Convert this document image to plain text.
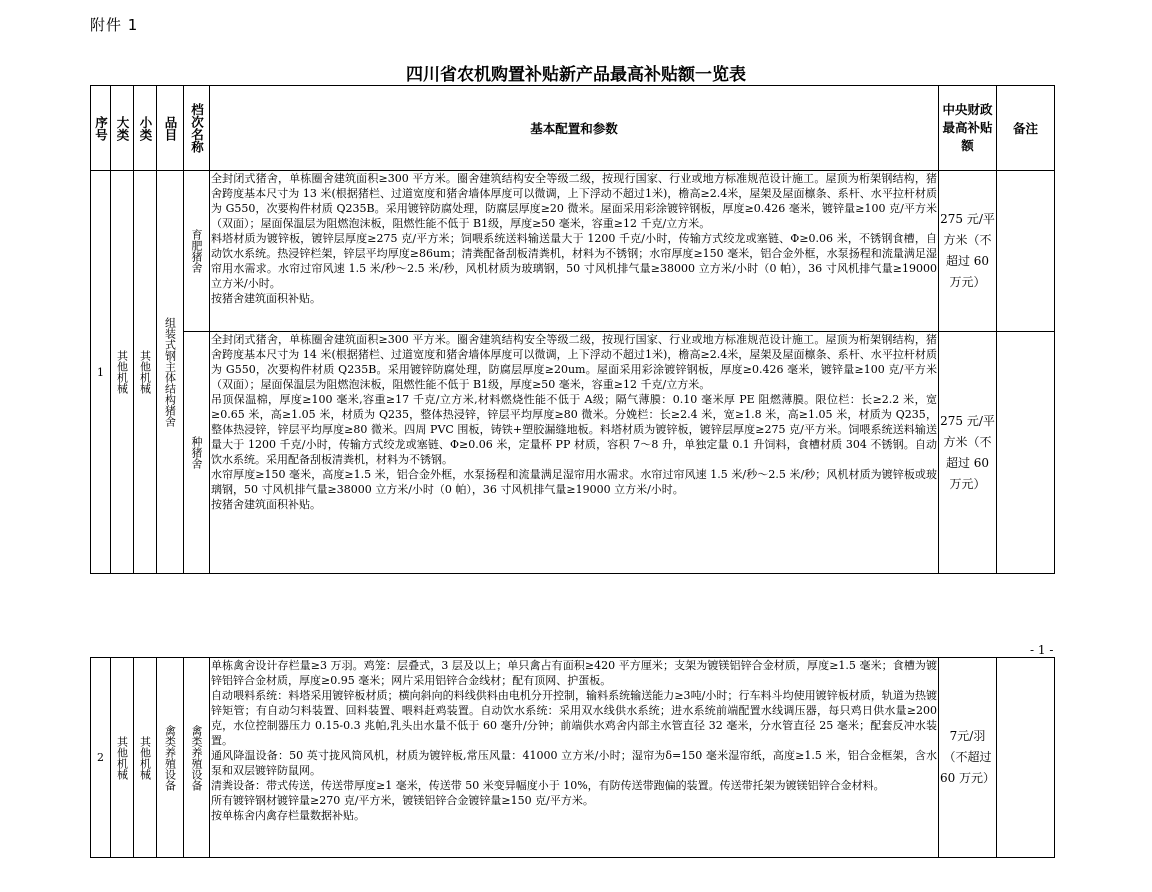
附件 1
四川省农机购置补贴新产品最高补贴额一览表
序号	大类	小类	品目	档次名称	基本配置和参数	中央财政最高补贴额	备注
1	其他机械	其他机械	组装式钢主体结构猪舍	育肥猪舍	全封闭式猪舍，单栋圈舍建筑面积≥300 平方米。圈舍建筑结构安全等级二级，按现行国家、行业或地方标准规范设计施工。屋顶为桁架钢结构，猪舍跨度基本尺寸为 13 米(根据猪栏、过道宽度和猪舍墙体厚度可以微调，上下浮动不超过1米)，檐高≥2.4米，屋架及屋面檩条、系杆、水平拉杆材质为 G550，次要构件材质 Q235B。采用镀锌防腐处理，防腐层厚度≥20 微米。屋面采用彩涂镀锌钢板，厚度≥0.426 毫米，镀锌量≥100 克/平方米（双面）；屋面保温层为阻燃泡沫板，阻燃性能不低于 B1级，厚度≥50 毫米，容重≥12 千克/立方米。
料塔材质为镀锌板，镀锌层厚度≥275 克/平方米；饲喂系统送料输送量大于 1200 千克/小时，传输方式绞龙或塞链、Φ≥0.06 米，不锈钢食槽，自动饮水系统。热浸锌栏架，锌层平均厚度≥86um；清粪配备刮板清粪机，材料为不锈钢；水帘厚度≥150 毫米，铝合金外框，水泵扬程和流量满足湿帘用水需求。水帘过帘风速 1.5 米/秒～2.5 米/秒，风机材质为玻璃钢，50 寸风机排气量≥38000 立方米/小时（0 帕），36 寸风机排气量≥19000 立方米/小时。
按猪舍建筑面积补贴。	275 元/平方米（不超过 60 万元）	

				种猪舍	全封闭式猪舍，单栋圈舍建筑面积≥300 平方米。圈舍建筑结构安全等级二级，按现行国家、行业或地方标准规范设计施工。屋顶为桁架钢结构，猪舍跨度基本尺寸为 14 米(根据猪栏、过道宽度和猪舍墙体厚度可以微调，上下浮动不超过1米)，檐高≥2.4米，屋架及屋面檩条、系杆、水平拉杆材质为 G550，次要构件材质 Q235B。采用镀锌防腐处理，防腐层厚度≥20um。屋面采用彩涂镀锌钢板，厚度≥0.426 毫米，镀锌量≥100 克/平方米（双面）；屋面保温层为阻燃泡沫板，阻燃性能不低于 B1级，厚度≥50 毫米，容重≥12 千克/立方米。
吊顶保温棉，厚度≥100 毫米,容重≥17 千克/立方米,材料燃烧性能不低于 A级；隔气薄膜：0.10 毫米厚 PE 阻燃薄膜。限位栏：长≥2.2 米，宽≥0.65 米，高≥1.05 米，材质为 Q235，整体热浸锌，锌层平均厚度≥80 微米。分娩栏：长≥2.4 米，宽≥1.8 米，高≥1.05 米，材质为 Q235，整体热浸锌，锌层平均厚度≥80 微米。四周 PVC 围板，铸铁+塑胶漏缝地板。料塔材质为镀锌板，镀锌层厚度≥275 克/平方米。饲喂系统送料输送量大于 1200 千克/小时，传输方式绞龙或塞链、Φ≥0.06 米，定量杯 PP 材质，容积 7～8 升，单独定量 0.1 升饲料，食槽材质 304 不锈钢。自动饮水系统。采用配备刮板清粪机，材料为不锈钢。
水帘厚度≥150 毫米，高度≥1.5 米，铝合金外框，水泵扬程和流量满足湿帘用水需求。水帘过帘风速 1.5 米/秒～2.5 米/秒；风机材质为镀锌板或玻璃钢，50 寸风机排气量≥38000 立方米/小时（0 帕），36 寸风机排气量≥19000 立方米/小时。
按猪舍建筑面积补贴。	275 元/平方米（不超过 60 万元）	
- 1 -
2	其他机械	其他机械	禽类养殖设备	禽类养殖设备

单栋禽舍设计存栏量≥3 万羽。鸡笼：层叠式，3 层及以上；单只禽占有面积≥420 平方厘米；支架为镀镁铝锌合金材质，厚度≥1.5 毫米；食槽为镀锌铝锌合金材质，厚度≥0.95 毫米；网片采用铝锌合金线材；配有顶网、护蛋板。
自动喂料系统：料塔采用镀锌板材质；横向斜向的料线供料由电机分开控制，输料系统输送能力≥3吨/小时；行车料斗均使用镀锌板材质，轨道为热镀锌矩管；有自动匀料装置、回料装置、喂料赶鸡装置。自动饮水系统：采用双水线供水系统；进水系统前端配置水线调压器，每只鸡日供水量≥200 克，水位控制器压力 0.15-0.3 兆帕,乳头出水量不低于 60 毫升/分钟；前端供水鸡舍内部主水管直径 32 毫米，分水管直径 25 毫米；配套反冲水装置。
通风降温设备：50 英寸拢风筒风机，材质为镀锌板,常压风量：41000 立方米/小时；湿帘为δ=150 毫米湿帘纸，高度≥1.5 米，铝合金框架，含水泵和双层镀锌防鼠网。
清粪设备：带式传送，传送带厚度≥1 毫米，传送带 50 米变异幅度小于 10%，有防传送带跑偏的装置。传送带托架为镀镁铝锌合金材料。
所有镀锌钢材镀锌量≥270 克/平方米，镀镁铝锌合金镀锌量≥150 克/平方米。
按单栋舍内禽存栏量数据补贴。
	7元/羽（不超过 60 万元）	
